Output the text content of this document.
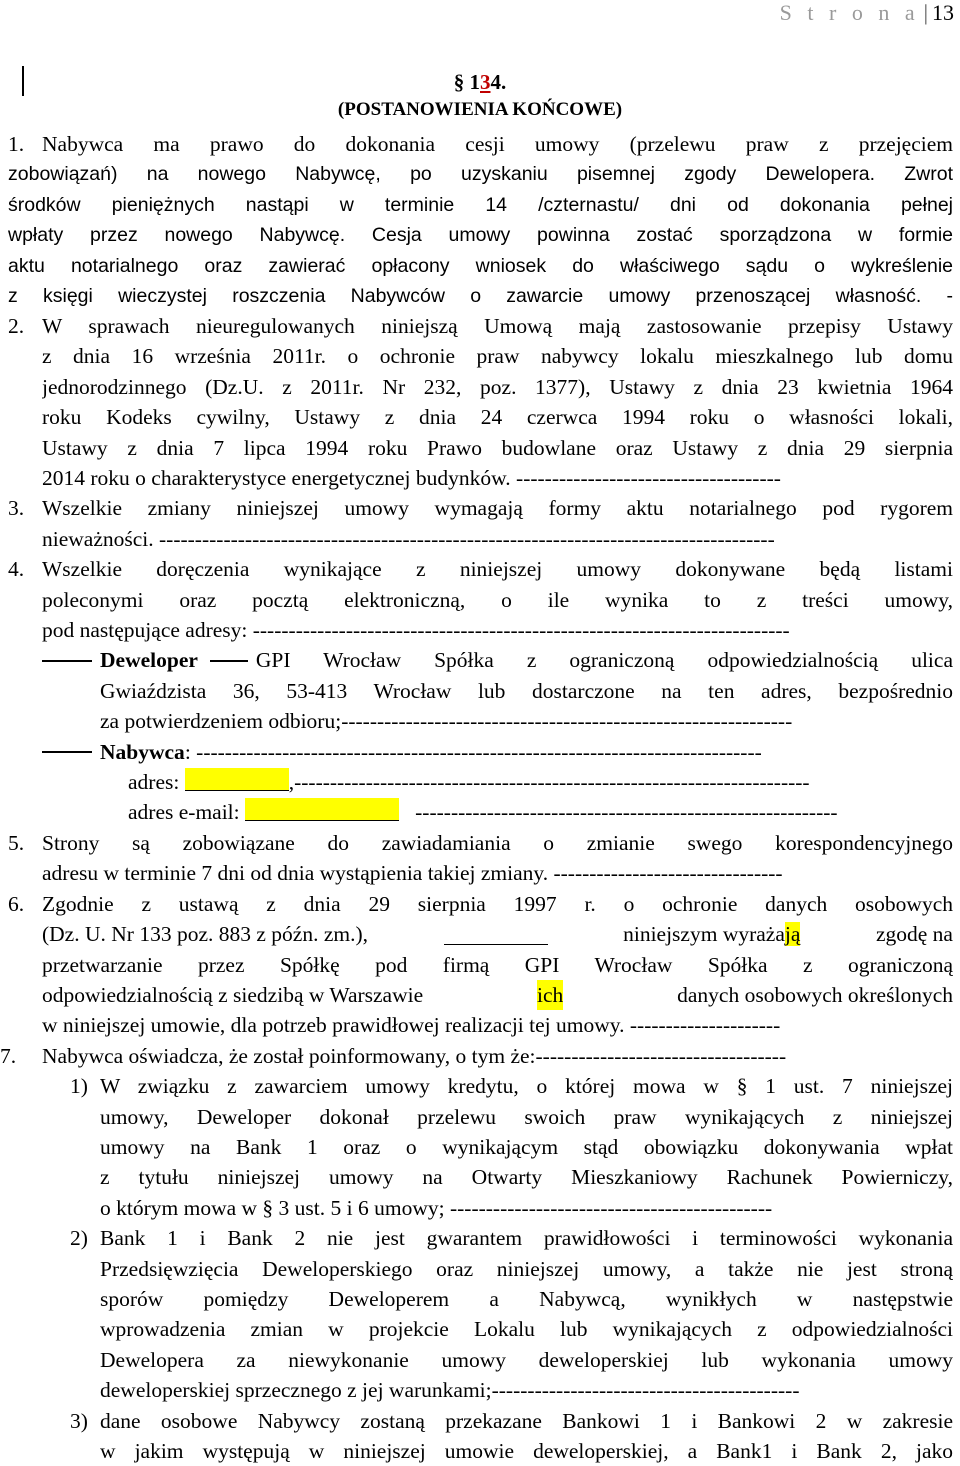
S t r o n a | 13
§ 134.
(POSTANOWIENIA KOŃCOWE)
1. Nabywca ma prawo do dokonania cesji umowy (przelewu praw z przejęciem
zobowiązań) na nowego Nabywcę, po uzyskaniu pisemnej zgody Dewelopera. Zwrot
środków pieniężnych nastąpi w terminie 14 /czternastu/ dni od dokonania pełnej
wpłaty przez nowego Nabywcę. Cesja umowy powinna zostać sporządzona w formie
aktu notarialnego oraz zawierać opłacony wniosek do właściwego sądu o wykreślenie
z księgi wieczystej roszczenia Nabywców o zawarcie umowy przenoszącej własność. -
2. W sprawach nieuregulowanych niniejszą Umową mają zastosowanie przepisy Ustawy
z dnia 16 września 2011r. o ochronie praw nabywcy lokalu mieszkalnego lub domu
jednorodzinnego (Dz.U. z 2011r. Nr 232, poz. 1377), Ustawy z dnia 23 kwietnia 1964
roku Kodeks cywilny, Ustawy z dnia 24 czerwca 1994 roku o własności lokali,
Ustawy z dnia 7 lipca 1994 roku Prawo budowlane oraz Ustawy z dnia 29 sierpnia
2014 roku o charakterystyce energetycznej budynków. -------------------------------------
3. Wszelkie zmiany niniejszej umowy wymagają formy aktu notarialnego pod rygorem
nieważności. --------------------------------------------------------------------------------------
4. Wszelkie doręczenia wynikające z niniejszej umowy dokonywane będą listami
poleconymi oraz pocztą elektroniczną, o ile wynika to z treści umowy,
pod następujące adresy: ---------------------------------------------------------------------------
Deweloper	GPI Wrocław Spółka z ograniczoną odpowiedzialnością ulica
Gwiaździsta 36, 53-413 Wrocław lub dostarczone na ten adres, bezpośrednio
za potwierdzeniem odbioru;---------------------------------------------------------------
Nabywca: -------------------------------------------------------------------------------
adres:	,------------------------------------------------------------------------
adres e-mail:	-----------------------------------------------------------
5. Strony są zobowiązane do zawiadamiania o zmianie swego korespondencyjnego
adresu w terminie 7 dni od dnia wystąpienia takiej zmiany. --------------------------------
6. Zgodnie z ustawą z dnia 29 sierpnia 1997 r. o ochronie danych osobowych
(Dz. U. Nr 133 poz. 883 z późn. zm.),	niniejszym wyrażają	zgodę na
przetwarzanie przez Spółkę pod firmą GPI Wrocław Spółka z ograniczoną
odpowiedzialnością z siedzibą w Warszawie	ich	danych osobowych określonych
w niniejszej umowie, dla potrzeb prawidłowej realizacji tej umowy. ---------------------
7. Nabywca oświadcza, że został poinformowany, o tym że:-----------------------------------
1) W związku z zawarciem umowy kredytu, o której mowa w § 1 ust. 7 niniejszej
umowy, Deweloper dokonał przelewu swoich praw wynikających z niniejszej
umowy na Bank 1 oraz o wynikającym stąd obowiązku dokonywania wpłat
z tytułu niniejszej umowy na Otwarty Mieszkaniowy Rachunek Powierniczy,
o którym mowa w § 3 ust. 5 i 6 umowy; ---------------------------------------------
2) Bank 1 i Bank 2 nie jest gwarantem prawidłowości i terminowości wykonania
Przedsięwzięcia Deweloperskiego oraz niniejszej umowy, a także nie jest stroną
sporów pomiędzy Deweloperem a Nabywcą, wynikłych w następstwie
wprowadzenia zmian w projekcie Lokalu lub wynikających z odpowiedzialności
Dewelopera za niewykonanie umowy deweloperskiej lub wykonania umowy
deweloperskiej sprzecznego z jej warunkami;-------------------------------------------
3) dane osobowe Nabywcy zostaną przekazane Bankowi 1 i Bankowi 2 w zakresie
w jakim występują w niniejszej umowie deweloperskiej, a Bank1 i Bank 2, jako
